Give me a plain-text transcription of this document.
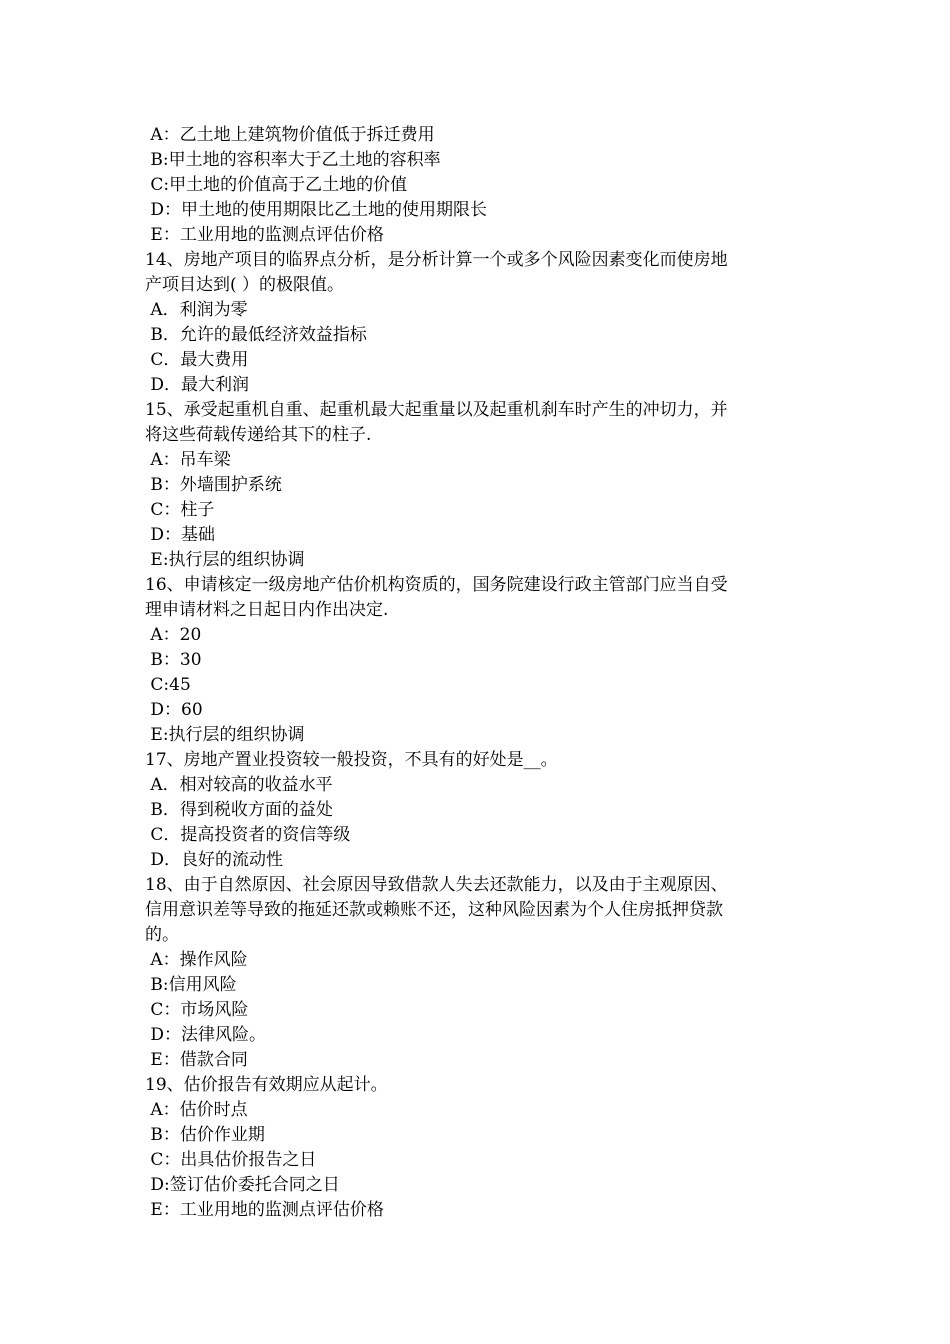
A：乙土地上建筑物价值低于拆迁费用
B:甲土地的容积率大于乙土地的容积率
C:甲土地的价值高于乙土地的价值
D：甲土地的使用期限比乙土地的使用期限长
E：工业用地的监测点评估价格
14、房地产项目的临界点分析，是分析计算一个或多个风险因素变化而使房地
产项目达到( ）的极限值。
A．利润为零
B．允许的最低经济效益指标
C．最大费用
D．最大利润
15、承受起重机自重、起重机最大起重量以及起重机刹车时产生的冲切力，并
将这些荷载传递给其下的柱子.
A：吊车梁
B：外墙围护系统
C：柱子
D：基础
E:执行层的组织协调
16、申请核定一级房地产估价机构资质的，国务院建设行政主管部门应当自受
理申请材料之日起日内作出决定.
A：20
B：30
C:45
D：60
E:执行层的组织协调
17、房地产置业投资较一般投资，不具有的好处是__。
A．相对较高的收益水平
B．得到税收方面的益处
C．提高投资者的资信等级
D．良好的流动性
18、由于自然原因、社会原因导致借款人失去还款能力，以及由于主观原因、
信用意识差等导致的拖延还款或赖账不还，这种风险因素为个人住房抵押贷款
的。
A：操作风险
B:信用风险
C：市场风险
D：法律风险。
E：借款合同
19、估价报告有效期应从起计。
A：估价时点
B：估价作业期
C：出具估价报告之日
D:签订估价委托合同之日
E：工业用地的监测点评估价格
